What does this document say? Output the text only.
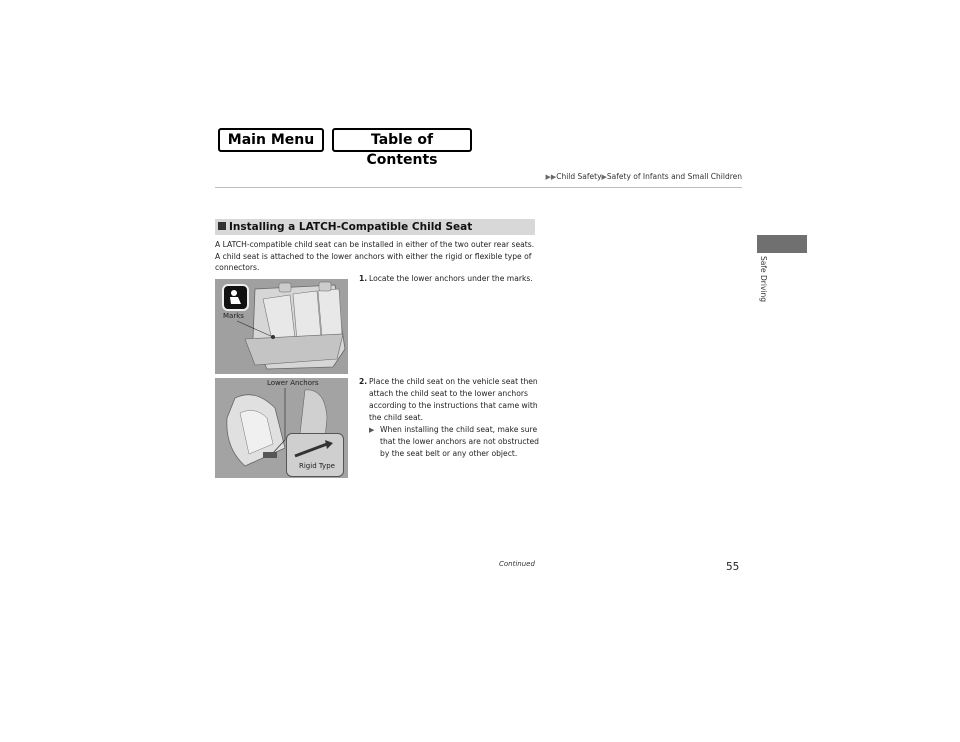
Main Menu	Table of Contents
▶▶Child Safety▶Safety of Infants and Small Children
Safe Driving
Installing a LATCH-Compatible Child Seat
A LATCH-compatible child seat can be installed in either of the two outer rear seats. A child seat is attached to the lower anchors with either the rigid or flexible type of connectors.
Marks
Lower Anchors
Rigid Type
1. Locate the lower anchors under the marks.
2. Place the child seat on the vehicle seat then attach the child seat to the lower anchors according to the instructions that came with the child seat.
▶ When installing the child seat, make sure that the lower anchors are not obstructed by the seat belt or any other object.
Continued	55
